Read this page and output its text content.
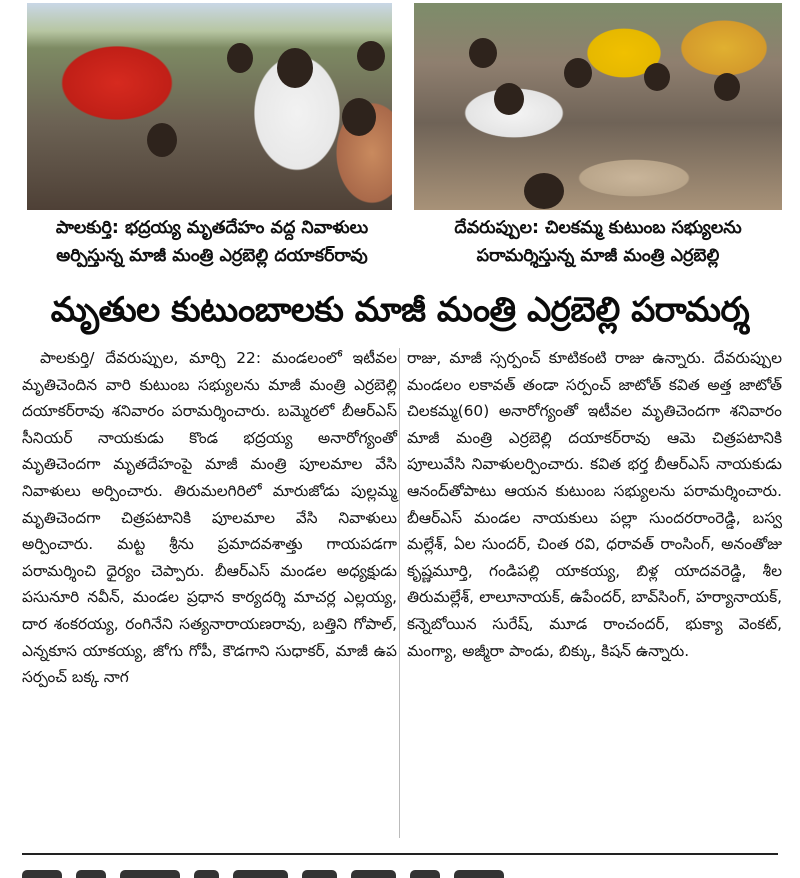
పాలకుర్తి: భద్రయ్య మృతదేహం వద్ద నివాళులు
అర్పిస్తున్న మాజీ మంత్రి ఎర్రబెల్లి దయాకర్‌రావు
దేవరుప్పుల: చిలకమ్మ కుటుంబ సభ్యులను
పరామర్శిస్తున్న మాజీ మంత్రి ఎర్రబెల్లి
మృతుల కుటుంబాలకు మాజీ మంత్రి ఎర్రబెల్లి పరామర్శ

పాలకుర్తి/ దేవరుప్పుల, మార్చి 22: మండలంలో ఇటీవల మృతిచెందిన వారి కుటుంబ సభ్యులను మాజీ మంత్రి ఎర్రబెల్లి దయాకర్‌రావు శనివారం పరామర్శించారు. బమ్మెరలో బీఆర్‌ఎస్‌ సీనియర్‌ నాయకుడు కొండ భద్రయ్య అనారోగ్యంతో మృతిచెందగా మృతదేహంపై మాజీ మంత్రి పూలమాల వేసి నివాళులు అర్పించారు. తిరుమలగిరిలో మారుజోడు పుల్లమ్మ మృతిచెందగా చిత్రపటానికి పూలమాల వేసి నివాళులు అర్పించారు. మట్ట శ్రీను ప్రమాదవశాత్తు గాయపడగా పరామర్శించి ధైర్యం చెప్పారు. బీఆర్‌ఎస్‌ మండల అధ్యక్షుడు పసునూరి నవీన్‌, మండల ప్రధాన కార్యదర్శి మాచర్ల ఎల్లయ్య, దార శంకరయ్య, రంగినేని సత్యనారాయణరావు, బత్తిని గోపాల్‌, ఎన్నకూస యాకయ్య, జోగు గోపీ, కౌడగాని సుధాకర్‌, మాజీ ఉప సర్పంచ్‌ బక్క నాగ

రాజు, మాజీ స్సర్పంచ్‌ కూటికంటి రాజు ఉన్నారు. దేవరుప్పుల మండలం లకావత్‌ తండా సర్పంచ్‌ జాటోత్‌ కవిత అత్త జాటోత్‌ చిలకమ్మ(60) అనారోగ్యంతో ఇటీవల మృతిచెందగా శనివారం మాజీ మంత్రి ఎర్రబెల్లి దయాకర్‌రావు ఆమె చిత్రపటానికి పూలువేసి నివాళులర్పించారు. కవిత భర్త బీఆర్‌ఎస్‌ నాయకుడు ఆనంద్‌తోపాటు ఆయన కుటుంబ సభ్యులను పరామర్శించారు. బీఆర్‌ఎస్‌ మండల నాయకులు పల్లా సుందరరాంరెడ్డి, బస్వ మల్లేశ్‌, ఏల సుందర్‌, చింత రవి, ధరావత్‌ రాంసింగ్‌, అనంతోజు కృష్ణమూర్తి, గండిపల్లి యాకయ్య, బిళ్ల యాదవరెడ్డి, శీల తిరుమల్లేశ్‌, లాలూనాయక్‌, ఉపేందర్‌, బావ్‌సింగ్‌, హర్యానాయక్‌, కన్నెబోయిన సురేష్‌, మూడ రాంచందర్‌, భుక్యా వెంకట్‌, మంగ్యా, అజ్మీరా పాండు, బిక్కు, కిషన్‌ ఉన్నారు.
